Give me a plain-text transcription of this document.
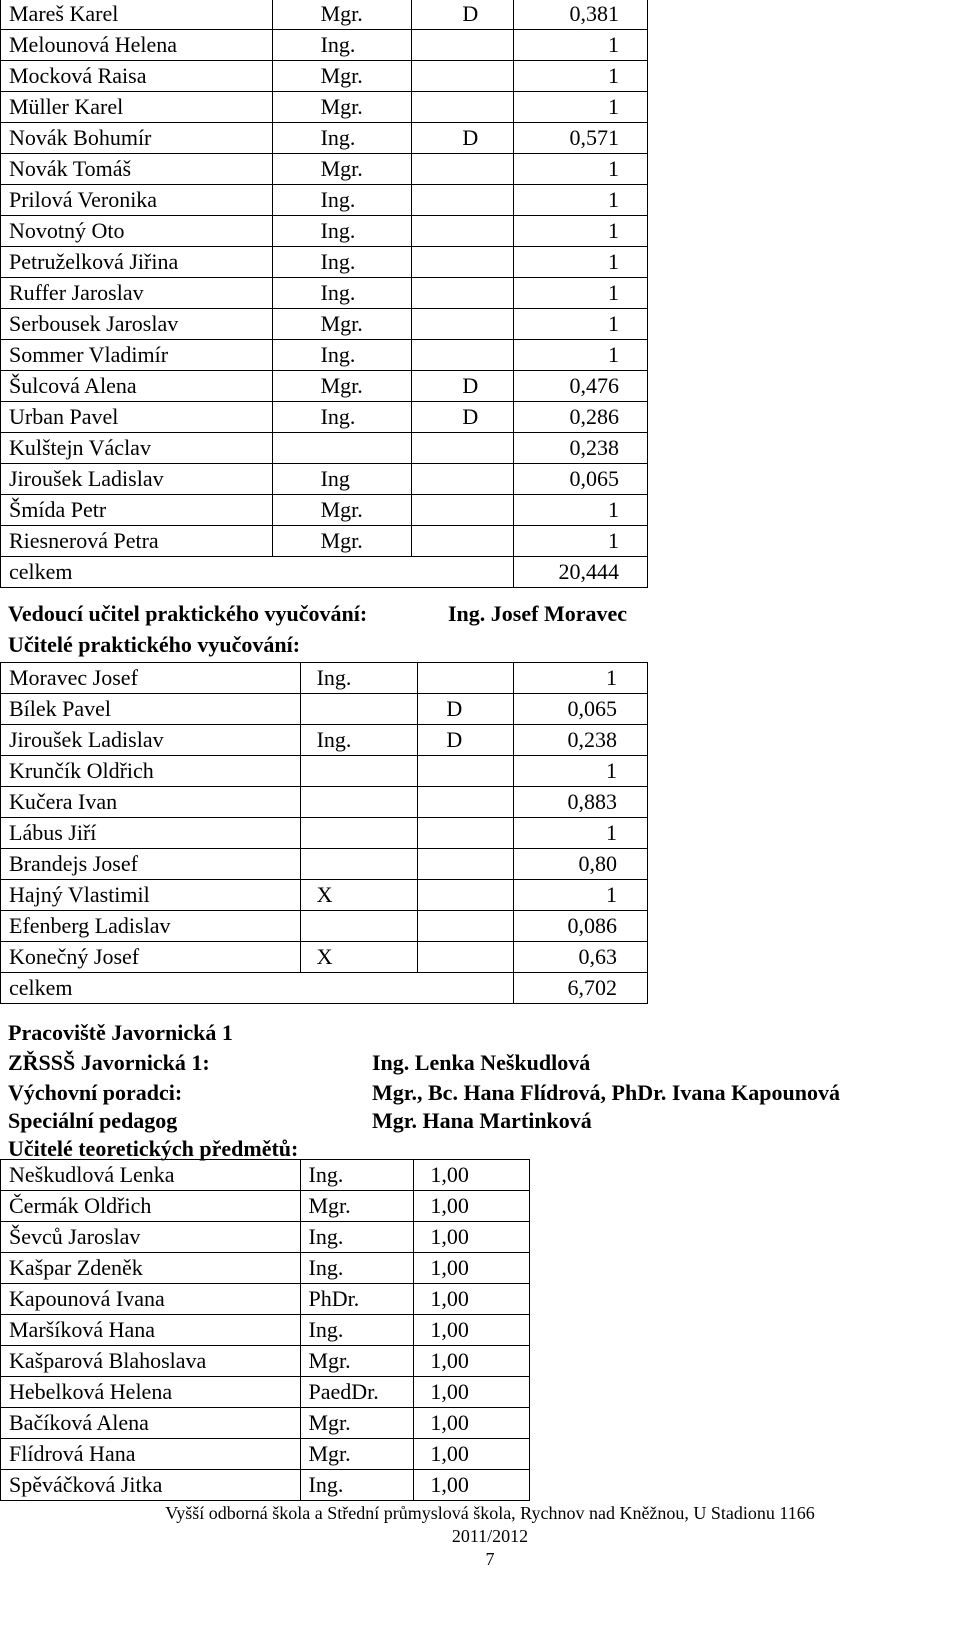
Mareš Karel	Mgr.	D	0,381
Melounová Helena	Ing.		1
Mocková Raisa	Mgr.		1
Müller Karel	Mgr.		1
Novák Bohumír	Ing.	D	0,571
Novák Tomáš	Mgr.		1
Prilová Veronika	Ing.		1
Novotný Oto	Ing.		1
Petruželková Jiřina	Ing.		1
Ruffer Jaroslav	Ing.		1
Serbousek Jaroslav	Mgr.		1
Sommer Vladimír	Ing.		1
Šulcová Alena	Mgr.	D	0,476
Urban Pavel	Ing.	D	0,286
Kulštejn Václav			0,238
Jiroušek Ladislav	Ing		0,065
Šmída Petr	Mgr.		1
Riesnerová Petra	Mgr.		1
celkem			20,444
Vedoucí učitel praktického vyučování:	Ing. Josef Moravec
Učitelé praktického vyučování:
Moravec Josef	Ing.		1
Bílek Pavel		D	0,065
Jiroušek Ladislav	Ing.	D	0,238
Krunčík Oldřich			1
Kučera Ivan			0,883
Lábus Jiří			1
Brandejs Josef			0,80
Hajný Vlastimil	X		1
Efenberg Ladislav			0,086
Konečný Josef	X		0,63
celkem			6,702
Pracoviště Javornická 1
ZŘSSŠ Javornická 1:	Ing. Lenka Neškudlová
Výchovní poradci:	Mgr., Bc. Hana Flídrová, PhDr. Ivana Kapounová
Speciální pedagog	Mgr. Hana Martinková
Učitelé teoretických předmětů:
Neškudlová Lenka	Ing.	1,00
Čermák Oldřich	Mgr.	1,00
Ševců Jaroslav	Ing.	1,00
Kašpar Zdeněk	Ing.	1,00
Kapounová Ivana	PhDr.	1,00
Maršíková Hana	Ing.	1,00
Kašparová Blahoslava	Mgr.	1,00
Hebelková Helena	PaedDr.	1,00
Bačíková Alena	Mgr.	1,00
Flídrová Hana	Mgr.	1,00
Spěváčková Jitka	Ing.	1,00
Vyšší odborná škola a Střední průmyslová škola, Rychnov nad Kněžnou, U Stadionu 1166
2011/2012
7
